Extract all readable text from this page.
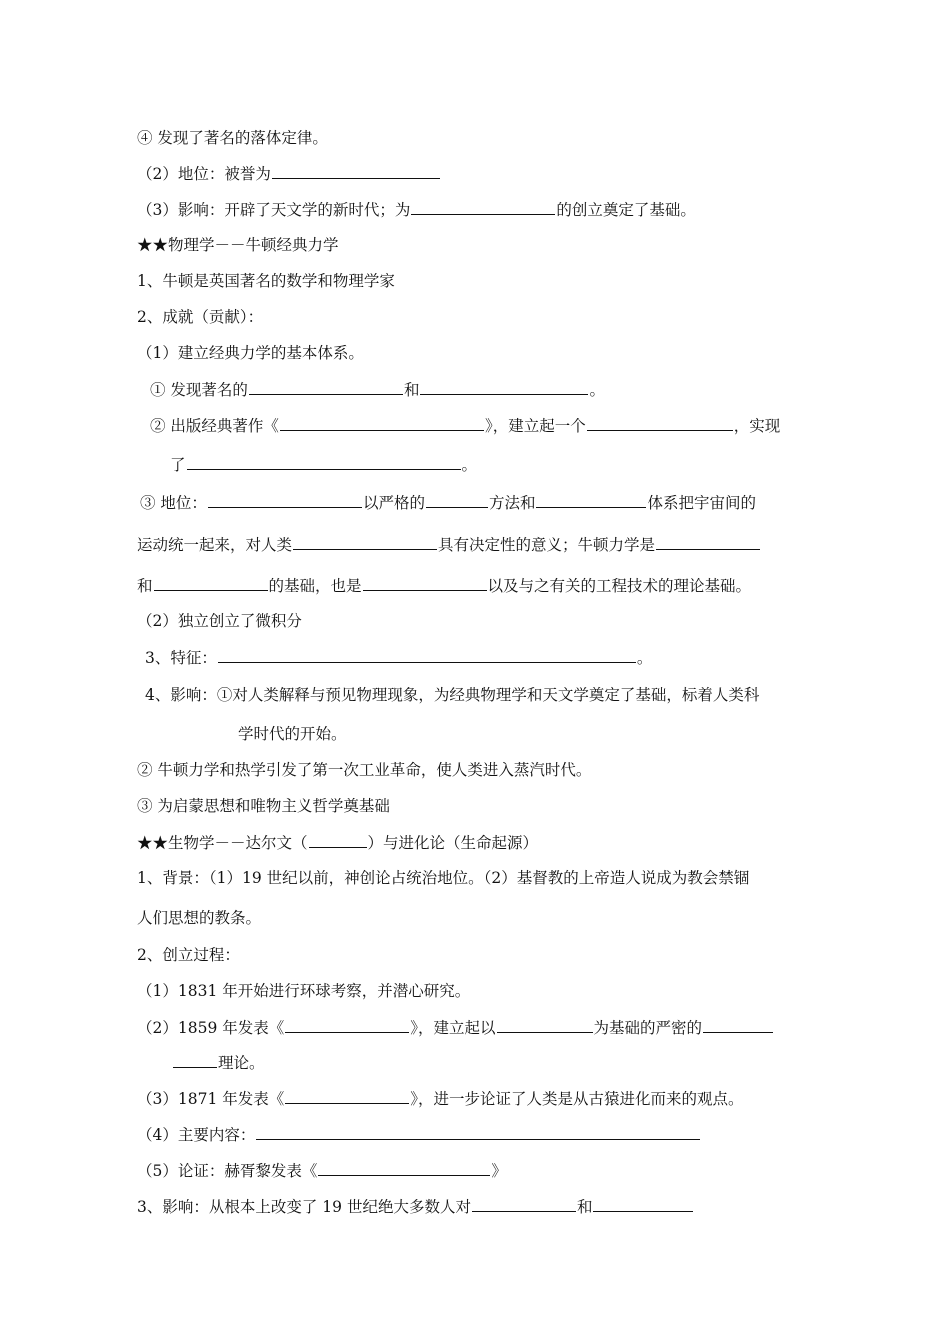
④ 发现了著名的落体定律。
（2）地位：被誉为
（3）影响：开辟了天文学的新时代；为	的创立奠定了基础。
★★物理学－－牛顿经典力学
1、牛顿是英国著名的数学和物理学家
2、成就（贡献）：
（1）建立经典力学的基本体系。
① 发现著名的	和	。
② 出版经典著作《	》，建立起一个	，实现
了	。
③ 地位：	以严格的	方法和	体系把宇宙间的
运动统一起来，对人类	具有决定性的意义；牛顿力学是
和	的基础，也是	以及与之有关的工程技术的理论基础。
（2）独立创立了微积分
3、特征：	。
4、影响：①对人类解释与预见物理现象，为经典物理学和天文学奠定了基础，标着人类科
学时代的开始。
② 牛顿力学和热学引发了第一次工业革命，使人类进入蒸汽时代。
③ 为启蒙思想和唯物主义哲学奠基础
★★生物学－－达尔文（	）与进化论（生命起源）
1、背景：（1）19 世纪以前，神创论占统治地位。（2）基督教的上帝造人说成为教会禁锢
人们思想的教条。
2、创立过程：
（1）1831 年开始进行环球考察，并潜心研究。
（2）1859 年发表《	》，建立起以	为基础的严密的
理论。
（3）1871 年发表《	》，进一步论证了人类是从古猿进化而来的观点。
（4）主要内容：
（5）论证：赫胥黎发表《	》
3、影响：从根本上改变了 19 世纪绝大多数人对	和
